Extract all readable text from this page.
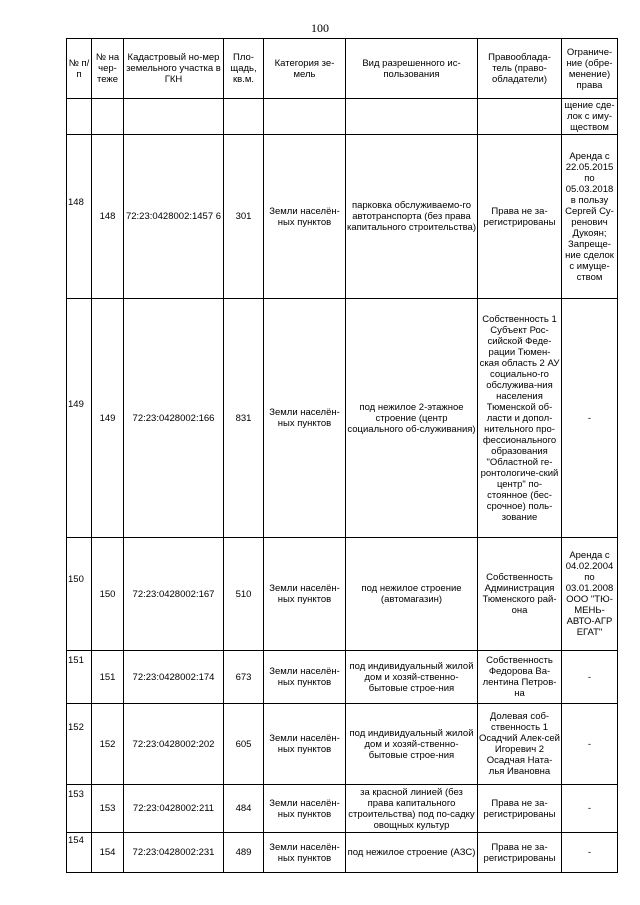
100
№ п/п	№ на чер-теже	Кадастровый но-мер земельного участка в ГКН	Пло-щадь, кв.м.	Категория зе-мель	Вид разрешенного ис-пользования	Правооблада-тель (право-обладатели)	Ограниче-ние (обре-менение) права
							щение сде-лок с иму-ществом
148	148	72:23:0428002:1457 6	301	Земли населён-ных пунктов	парковка обслуживаемо-го автотранспорта (без права капитального строительства)	Права не за-регистрированы	Аренда с 22.05.2015 по 05.03.2018 в пользу Сергей Су-ренович Дукоян; Запреще-ние сделок с имуще-ством
149	149	72:23:0428002:166	831	Земли населён-ных пунктов	под нежилое 2-этажное строение (центр социального об-служивания)	Собственность 1 Субъект Рос-сийской Феде-рации Тюмен-ская область 2 АУ социально-го обслужива-ния населения Тюменской об-ласти и допол-нительного про-фессионального образования "Областной ге-ронтологиче-ский центр" по-стоянное (бес-срочное) поль-зование	-
150	150	72:23:0428002:167	510	Земли населён-ных пунктов	под нежилое строение (автомагазин)	Собственность Администрация Тюменского рай-она	Аренда с 04.02.2004 по 03.01.2008 ООО "ТЮ-МЕНЬ-АВТО-АГР ЕГАТ"
151	151	72:23:0428002:174	673	Земли населён-ных пунктов	под индивидуальный жилой дом и хозяй-ственно-бытовые строе-ния	Собственность Федорова Ва-лентина Петров-на	-
152	152	72:23:0428002:202	605	Земли населён-ных пунктов	под индивидуальный жилой дом и хозяй-ственно-бытовые строе-ния	Долевая соб-ственность 1 Осадчий Алек-сей Игоревич 2 Осадчая Ната-лья Ивановна	-
153	153	72:23:0428002:211	484	Земли населён-ных пунктов	за красной линией (без права капитального строительства) под по-садку овощных культур	Права не за-регистрированы	-
154	154	72:23:0428002:231	489	Земли населён-ных пунктов	под нежилое строение (АЗС)	Права не за-регистрированы	-
